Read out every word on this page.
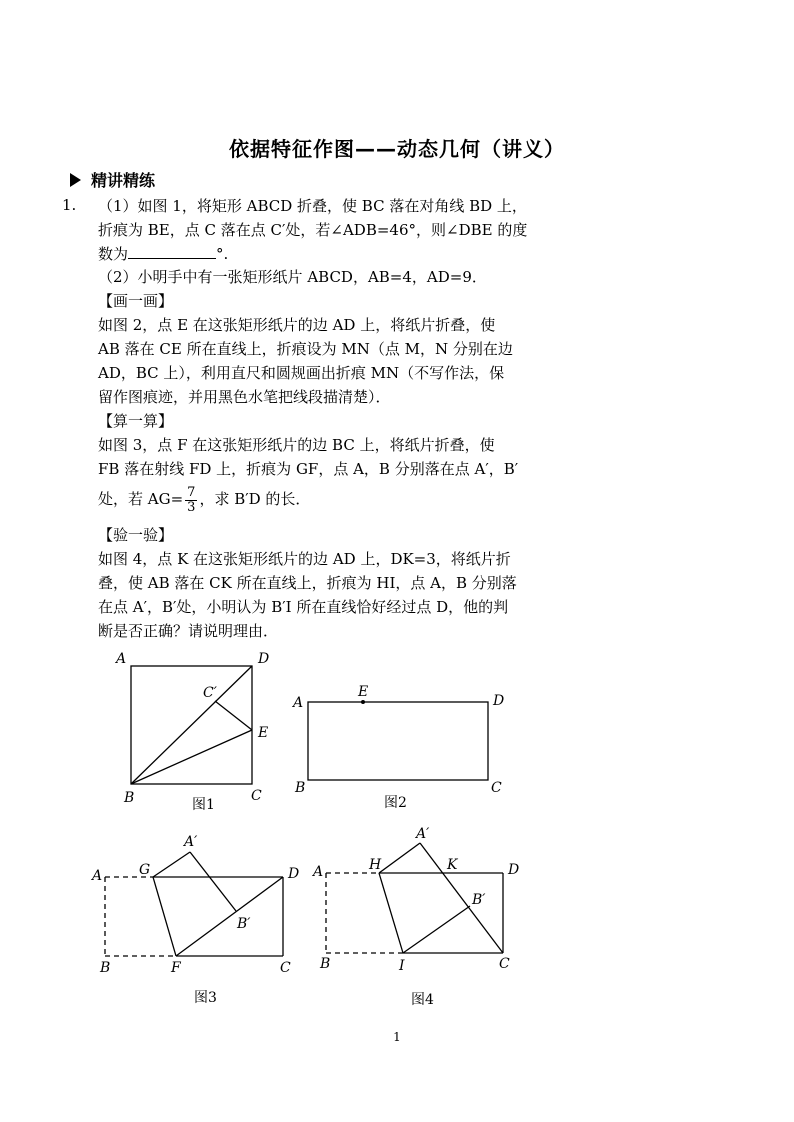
依据特征作图——动态几何（讲义）
精讲精练
1. （1）如图 1，将矩形 ABCD 折叠，使 BC 落在对角线 BD 上，
折痕为 BE，点 C 落在点 C′处，若∠ADB=46°，则∠DBE 的度
数为	°.
（2）小明手中有一张矩形纸片 ABCD，AB=4，AD=9．
【画一画】
如图 2，点 E 在这张矩形纸片的边 AD 上，将纸片折叠，使
AB 落在 CE 所在直线上，折痕设为 MN（点 M，N 分别在边
AD，BC 上），利用直尺和圆规画出折痕 MN（不写作法，保
留作图痕迹，并用黑色水笔把线段描清楚）．
【算一算】
如图 3，点 F 在这张矩形纸片的边 BC 上，将纸片折叠，使
FB 落在射线 FD 上，折痕为 GF，点 A，B 分别落在点 A′，B′
处，若 $AG= \frac{7}{3}$ ，求 B′D 的长．
【验一验】
如图 4，点 K 在这张矩形纸片的边 AD 上，DK=3，将纸片折
叠，使 AB 落在 CK 所在直线上，折痕为 HI，点 A，B 分别落
在点 A′，B′处，小明认为 B′I 所在直线恰好经过点 D，他的判
断是否正确？请说明理由．
A	D
C′
E
B	C
E
A	D
B	C
A′
A	G	D
B′
B	F	C
A′
A	H	K	D
B′
B	I	C
图1	图2
图3	图4
1
